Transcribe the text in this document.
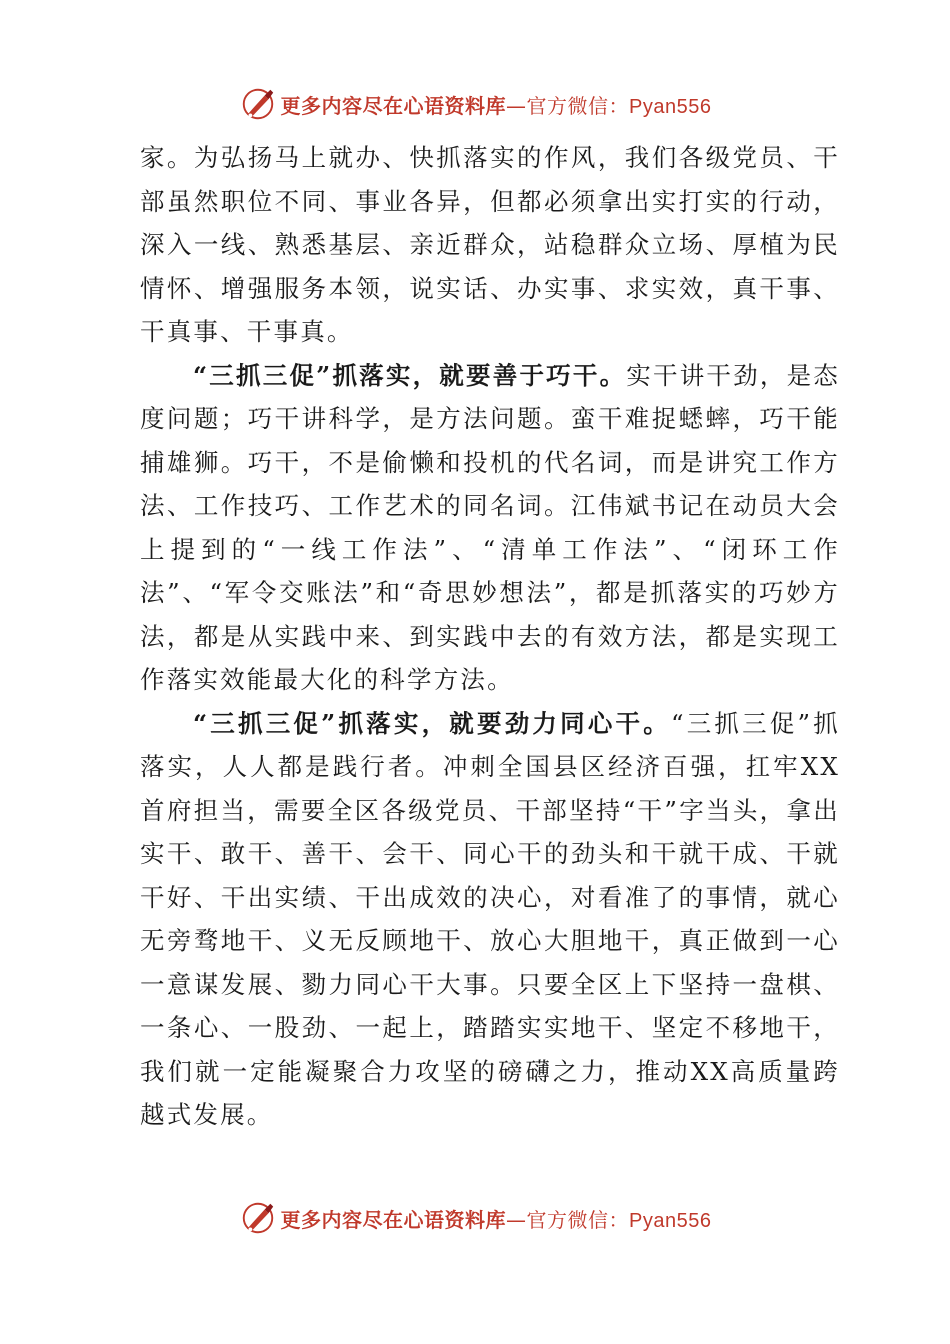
更多内容尽在心语资料库—官方微信：Pyan556

家。为弘扬马上就办、快抓落实的作风，我们各级党员、干部虽然职位不同、事业各异，但都必须拿出实打实的行动，深入一线、熟悉基层、亲近群众，站稳群众立场、厚植为民情怀、增强服务本领，说实话、办实事、求实效，真干事、干真事、干事真。

“三抓三促”抓落实，就要善于巧干。实干讲干劲，是态度问题；巧干讲科学，是方法问题。蛮干难捉蟋蟀，巧干能捕雄狮。巧干，不是偷懒和投机的代名词，而是讲究工作方法、工作技巧、工作艺术的同名词。江伟斌书记在动员大会上提到的“一线工作法”、“清单工作法”、“闭环工作法”、“军令交账法”和“奇思妙想法”，都是抓落实的巧妙方法，都是从实践中来、到实践中去的有效方法，都是实现工作落实效能最大化的科学方法。

“三抓三促”抓落实，就要劲力同心干。“三抓三促”抓落实，人人都是践行者。冲刺全国县区经济百强，扛牢XX首府担当，需要全区各级党员、干部坚持“干”字当头，拿出实干、敢干、善干、会干、同心干的劲头和干就干成、干就干好、干出实绩、干出成效的决心，对看准了的事情，就心无旁骛地干、义无反顾地干、放心大胆地干，真正做到一心一意谋发展、勠力同心干大事。只要全区上下坚持一盘棋、一条心、一股劲、一起上，踏踏实实地干、坚定不移地干，我们就一定能凝聚合力攻坚的磅礴之力，推动XX高质量跨越式发展。

更多内容尽在心语资料库—官方微信：Pyan556
